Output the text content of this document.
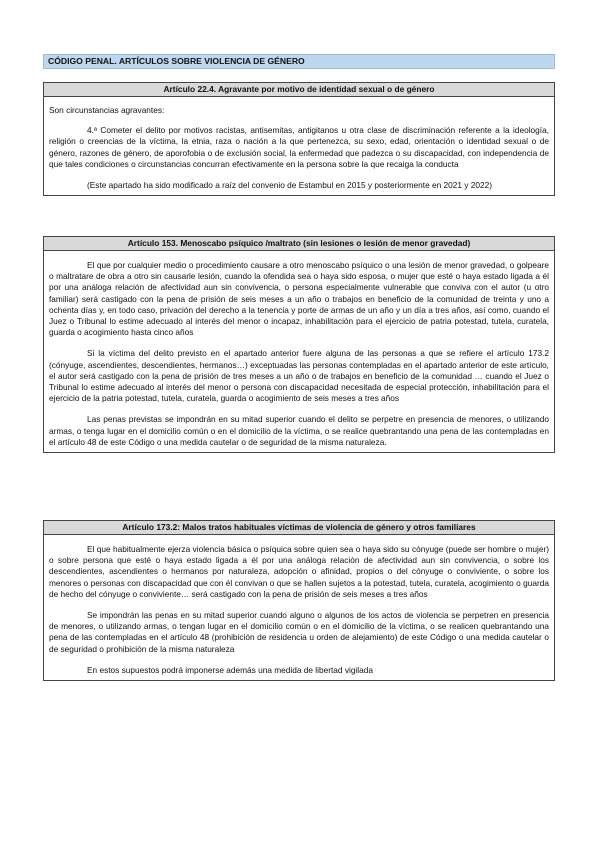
CÓDIGO PENAL. ARTÍCULOS SOBRE VIOLENCIA DE GÉNERO
Artículo 22.4. Agravante por motivo de identidad sexual o de género

Son circunstancias agravantes:

4.ª Cometer el delito por motivos racistas, antisemitas, antigitanos u otra clase de discriminación referente a la ideología, religión o creencias de la víctima, la etnia, raza o nación a la que pertenezca, su sexo, edad, orientación o identidad sexual o de género, razones de género, de aporofobia o de exclusión social, la enfermedad que padezca o su discapacidad, con independencia de que tales condiciones o circunstancias concurran efectivamente en la persona sobre la que recaiga la conducta

(Este apartado ha sido modificado a raíz del convenio de Estambul en 2015 y posteriormente en 2021 y 2022)

Artículo 153. Menoscabo psíquico /maltrato (sin lesiones o lesión de menor gravedad)

El que por cualquier medio o procedimiento causare a otro menoscabo psíquico o una lesión de menor gravedad, o golpeare o maltratare de obra a otro sin causarle lesión, cuando la ofendida sea o haya sido esposa, o mujer que esté o haya estado ligada a él por una análoga relación de afectividad aun sin convivencia, o persona especialmente vulnerable que conviva con el autor (u otro familiar) será castigado con la pena de prisión de seis meses a un año o trabajos en beneficio de la comunidad de treinta y uno a ochenta días y, en todo caso, privación del derecho a la tenencia y porte de armas de un año y un día a tres años, así como, cuando el Juez o Tribunal lo estime adecuado al interés del menor o incapaz, inhabilitación para el ejercicio de patria potestad, tutela, curatela, guarda o acogimiento hasta cinco años

Si la víctima del delito previsto en el apartado anterior fuere alguna de las personas a que se refiere el artículo 173.2 (cónyuge, ascendientes, descendientes, hermanos…) exceptuadas las personas contempladas en el apartado anterior de este artículo, el autor será castigado con la pena de prisión de tres meses a un año o de trabajos en beneficio de la comunidad … cuando el Juez o Tribunal lo estime adecuado al interés del menor o persona con discapacidad necesitada de especial protección, inhabilitación para el ejercicio de la patria potestad, tutela, curatela, guarda o acogimiento de seis meses a tres años

Las penas previstas se impondrán en su mitad superior cuando el delito se perpetre en presencia de menores, o utilizando armas, o tenga lugar en el domicilio común o en el domicilio de la víctima, o se realice quebrantando una pena de las contempladas en el artículo 48 de este Código o una medida cautelar o de seguridad de la misma naturaleza.

Artículo 173.2: Malos tratos habituales víctimas de violencia de género y otros familiares

El que habitualmente ejerza violencia básica o psíquica sobre quien sea o haya sido su cónyuge (puede ser hombre o mujer) o sobre persona que esté o haya estado ligada a él por una análoga relación de afectividad aun sin convivencia, o sobre los descendientes, ascendientes o hermanos por naturaleza, adopción o afinidad, propios o del cónyuge o conviviente, o sobre los menores o personas con discapacidad que con él convivan o que se hallen sujetos a la potestad, tutela, curatela, acogimiento o guarda de hecho del cónyuge o conviviente… será castigado con la pena de prisión de seis meses a tres años

Se impondrán las penas en su mitad superior cuando alguno o algunos de los actos de violencia se perpetren en presencia de menores, o utilizando armas, o tengan lugar en el domicilio común o en el domicilio de la víctima, o se realicen quebrantando una pena de las contempladas en el artículo 48 (prohibición de residencia u orden de alejamiento) de este Código o una medida cautelar o de seguridad o prohibición de la misma naturaleza

En estos supuestos podrá imponerse además una medida de libertad vigilada
